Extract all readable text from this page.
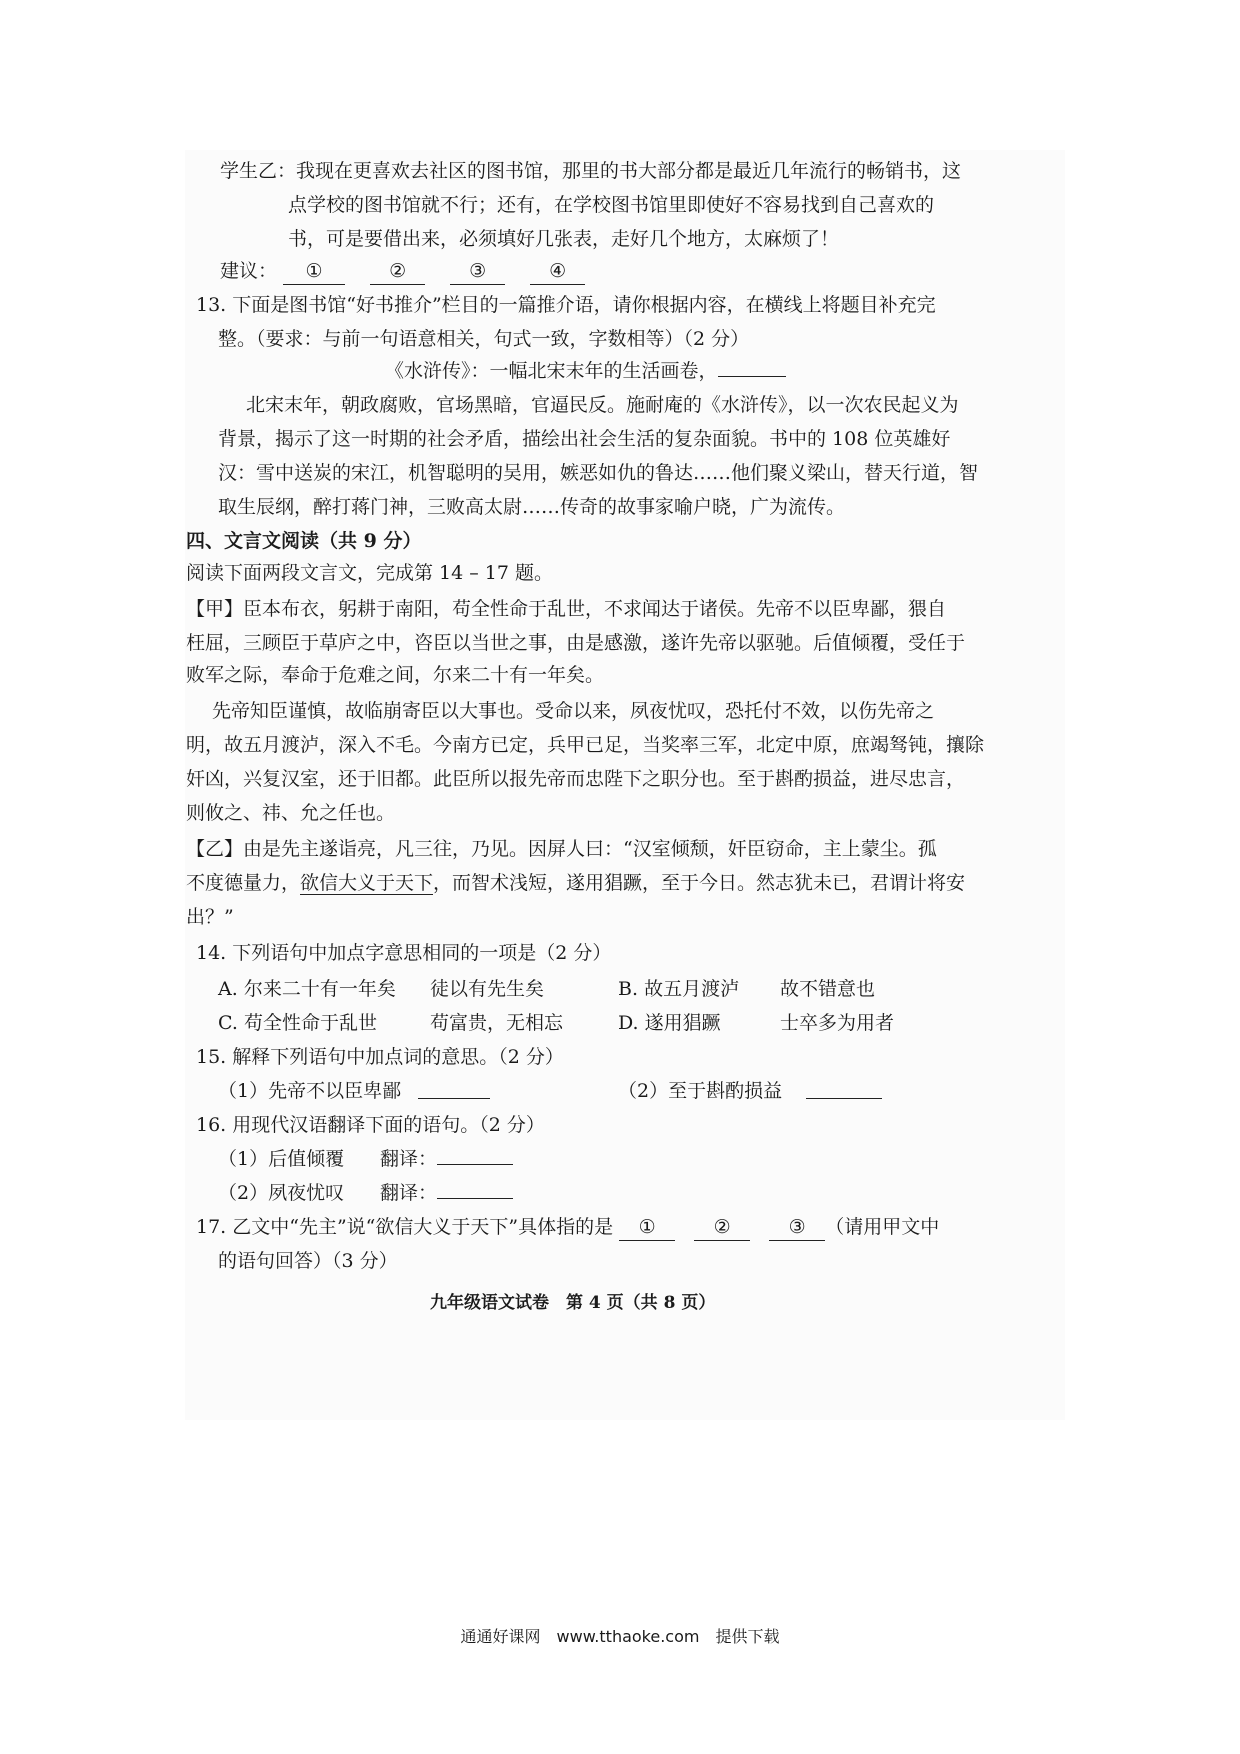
学生乙：我现在更喜欢去社区的图书馆，那里的书大部分都是最近几年流行的畅销书，这
点学校的图书馆就不行；还有，在学校图书馆里即使好不容易找到自己喜欢的
书，可是要借出来，必须填好几张表，走好几个地方，太麻烦了！
建议： ①　	②　	③　	④
13. 下面是图书馆“好书推介”栏目的一篇推介语，请你根据内容，在横线上将题目补充完
整。（要求：与前一句语意相关，句式一致，字数相等）（2 分）
《水浒传》：一幅北宋末年的生活画卷，
北宋末年，朝政腐败，官场黑暗，官逼民反。施耐庵的《水浒传》，以一次农民起义为
背景，揭示了这一时期的社会矛盾，描绘出社会生活的复杂面貌。书中的 108 位英雄好
汉：雪中送炭的宋江，机智聪明的吴用，嫉恶如仇的鲁达……他们聚义梁山，替天行道，智
取生辰纲，醉打蒋门神，三败高太尉……传奇的故事家喻户晓，广为流传。
四、文言文阅读（共 9 分）
阅读下面两段文言文，完成第 14 – 17 题。
【甲】臣本布衣，躬耕于南阳，苟全性命于乱世，不求闻达于诸侯。先帝不以臣卑鄙，猥自
枉屈，三顾臣于草庐之中，咨臣以当世之事，由是感激，遂许先帝以驱驰。后值倾覆，受任于
败军之际，奉命于危难之间，尔来二十有一年矣。
先帝知臣谨慎，故临崩寄臣以大事也。受命以来，夙夜忧叹，恐托付不效，以伤先帝之
明，故五月渡泸，深入不毛。今南方已定，兵甲已足，当奖率三军，北定中原，庶竭驽钝，攘除
奸凶，兴复汉室，还于旧都。此臣所以报先帝而忠陛下之职分也。至于斟酌损益，进尽忠言，
则攸之、祎、允之任也。
【乙】由是先主遂诣亮，凡三往，乃见。因屏人曰：“汉室倾颓，奸臣窃命，主上蒙尘。孤
不度德量力，欲信大义于天下，而智术浅短，遂用猖蹶，至于今日。然志犹未已，君谓计将安
出？”
14. 下列语句中加点字意思相同的一项是（2 分）
A. 尔来二十有一年矣 徒以有先生矣	B. 故五月渡泸 故不错意也
C. 苟全性命于乱世	苟富贵，无相忘	D. 遂用猖蹶	士卒多为用者
15. 解释下列语句中加点词的意思。（2 分）
（1）先帝不以臣卑鄙	（2）至于斟酌损益
16. 用现代汉语翻译下面的语句。（2 分）
（1）后值倾覆 翻译：
（2）夙夜忧叹 翻译：
17. 乙文中“先主”说“欲信大义于天下”具体指的是 ①　	②　	③ （请用甲文中
的语句回答）（3 分）
九年级语文试卷　第 4 页（共 8 页）
通通好课网　www.tthaoke.com　提供下载
